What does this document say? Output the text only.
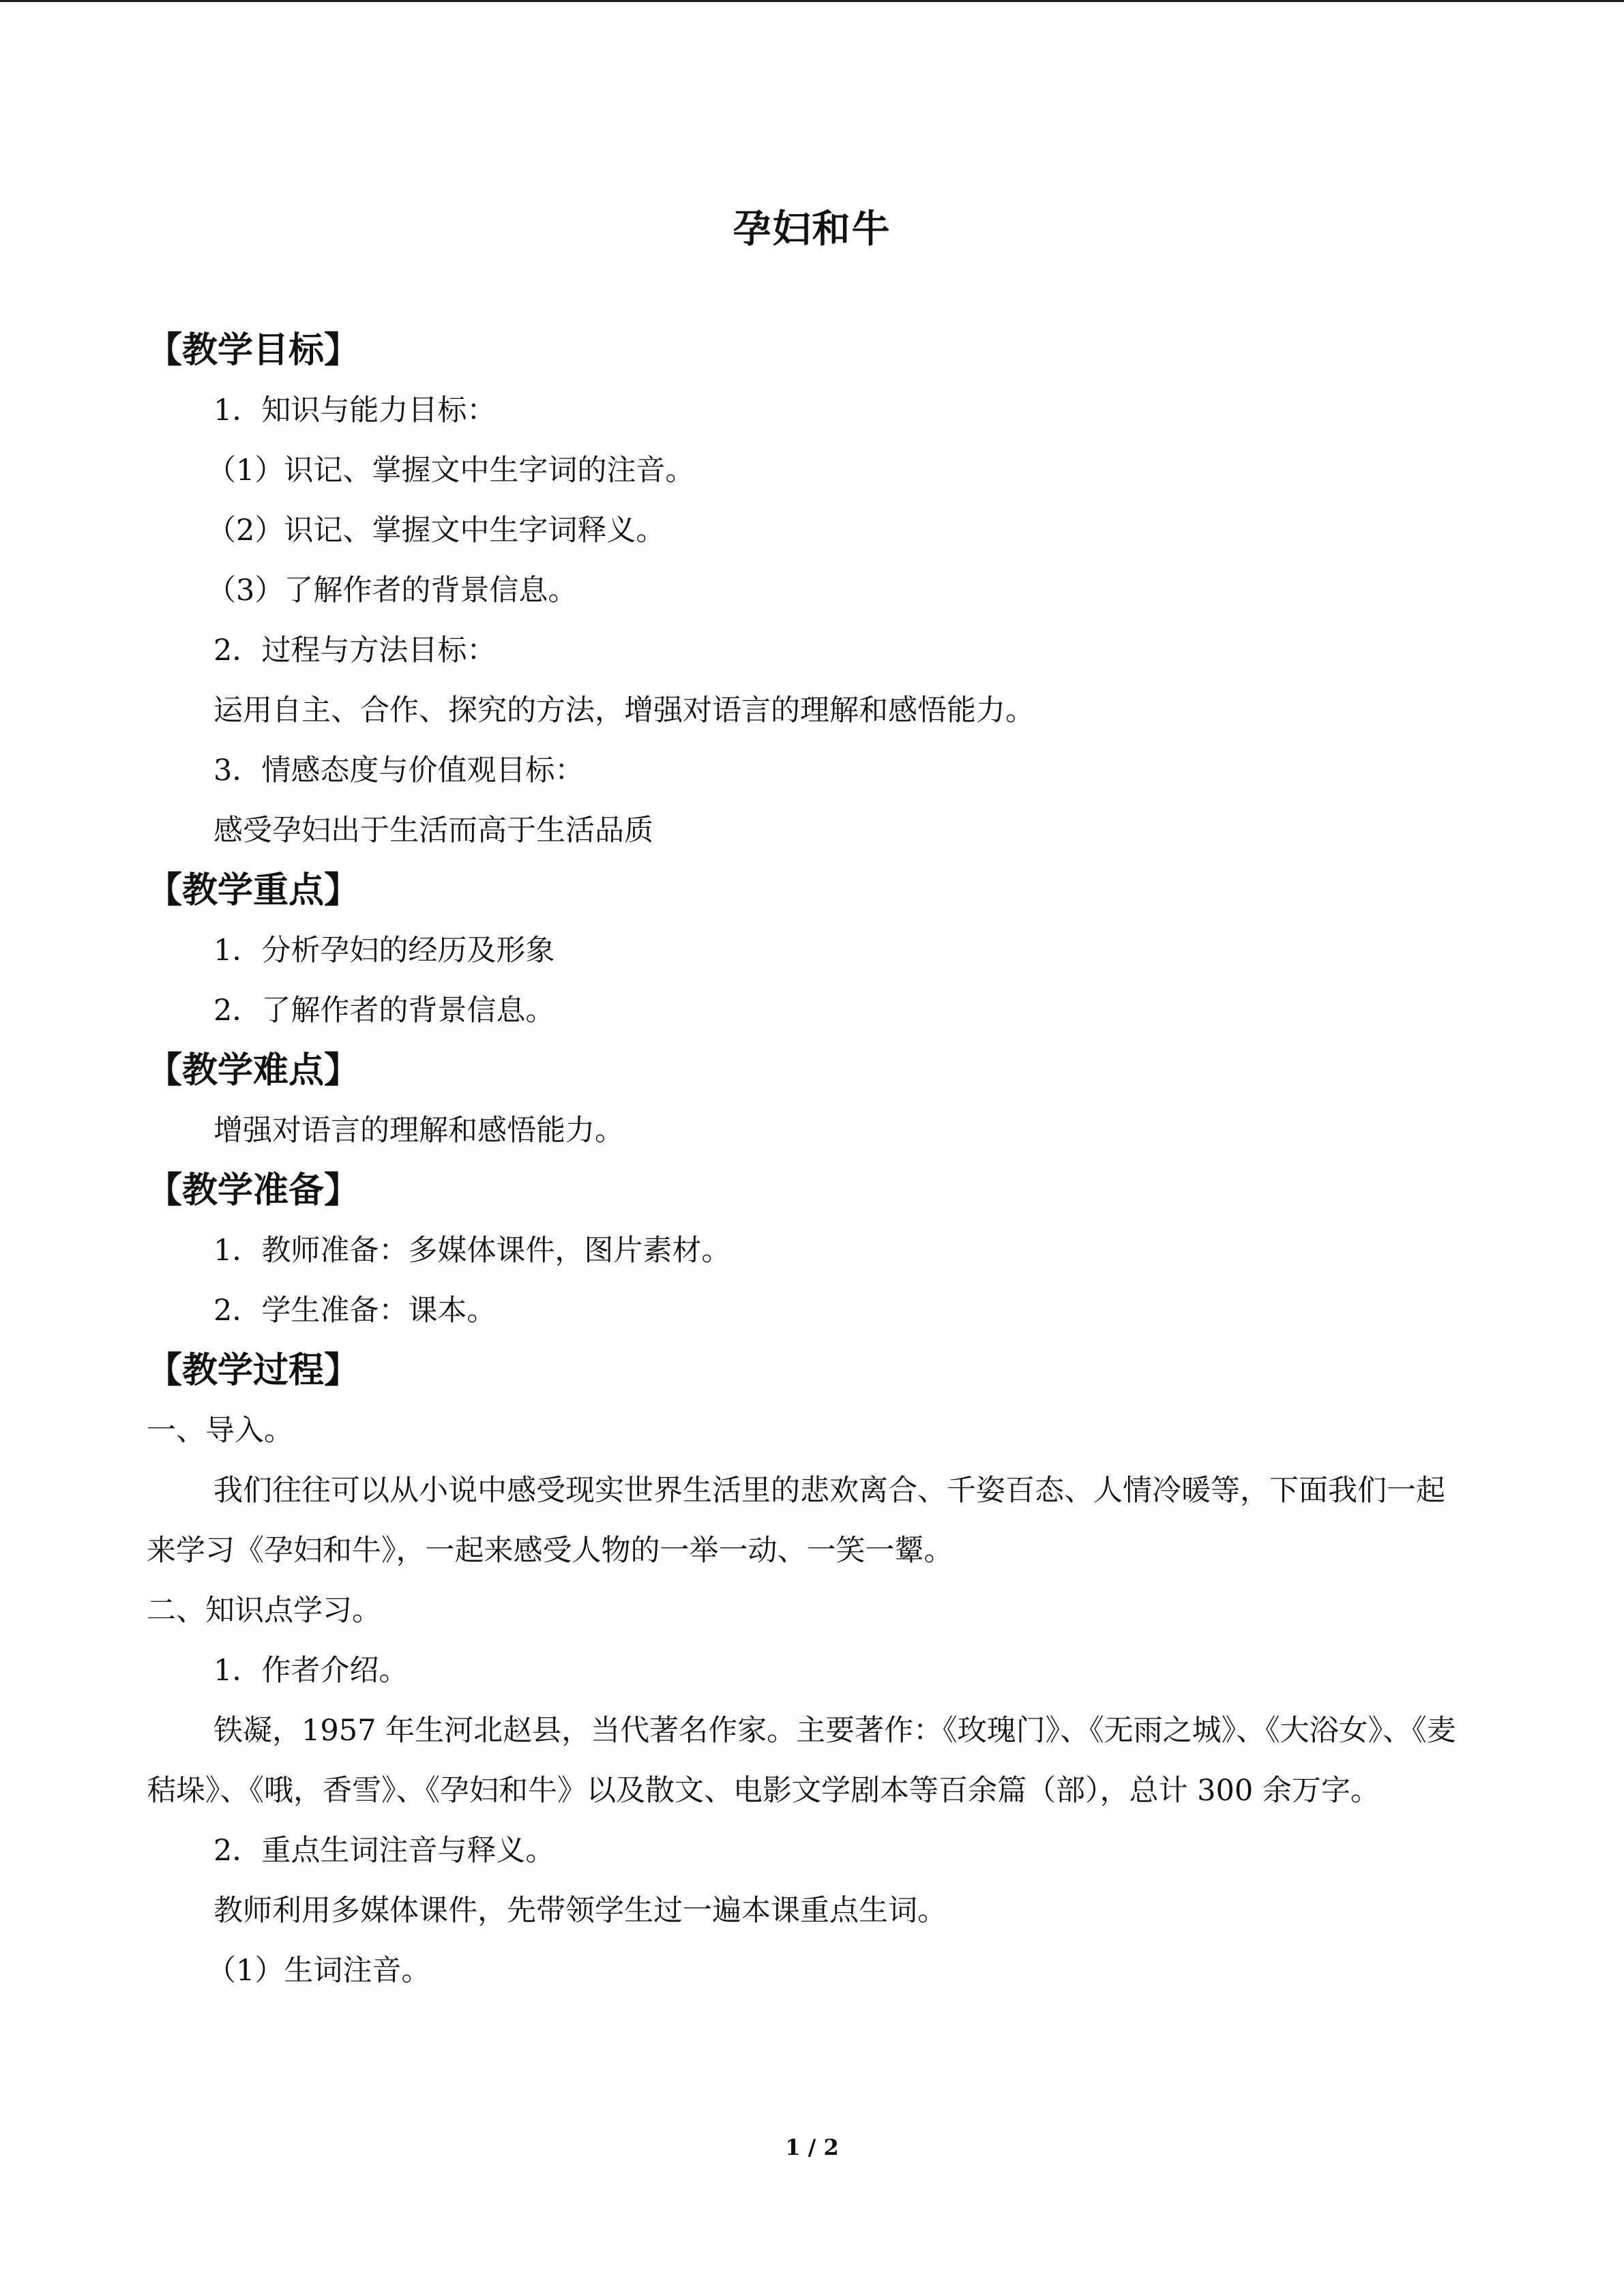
孕妇和牛

【教学目标】

1．知识与能力目标：

（1）识记、掌握文中生字词的注音。

（2）识记、掌握文中生字词释义。

（3）了解作者的背景信息。

2．过程与方法目标：

运用自主、合作、探究的方法，增强对语言的理解和感悟能力。

3．情感态度与价值观目标：

感受孕妇出于生活而高于生活品质

【教学重点】

1．分析孕妇的经历及形象

2．了解作者的背景信息。

【教学难点】

增强对语言的理解和感悟能力。

【教学准备】

1．教师准备：多媒体课件，图片素材。

2．学生准备：课本。

【教学过程】

一、导入。

我们往往可以从小说中感受现实世界生活里的悲欢离合、千姿百态、人情冷暖等，下面我们一起来学习《孕妇和牛》，一起来感受人物的一举一动、一笑一颦。

二、知识点学习。

1．作者介绍。

铁凝，1957 年生河北赵县，当代著名作家。主要著作：《玫瑰门》、《无雨之城》、《大浴女》、《麦秸垛》、《哦，香雪》、《孕妇和牛》以及散文、电影文学剧本等百余篇（部），总计 300 余万字。

2．重点生词注音与释义。

教师利用多媒体课件，先带领学生过一遍本课重点生词。

（1）生词注音。

1 / 2
